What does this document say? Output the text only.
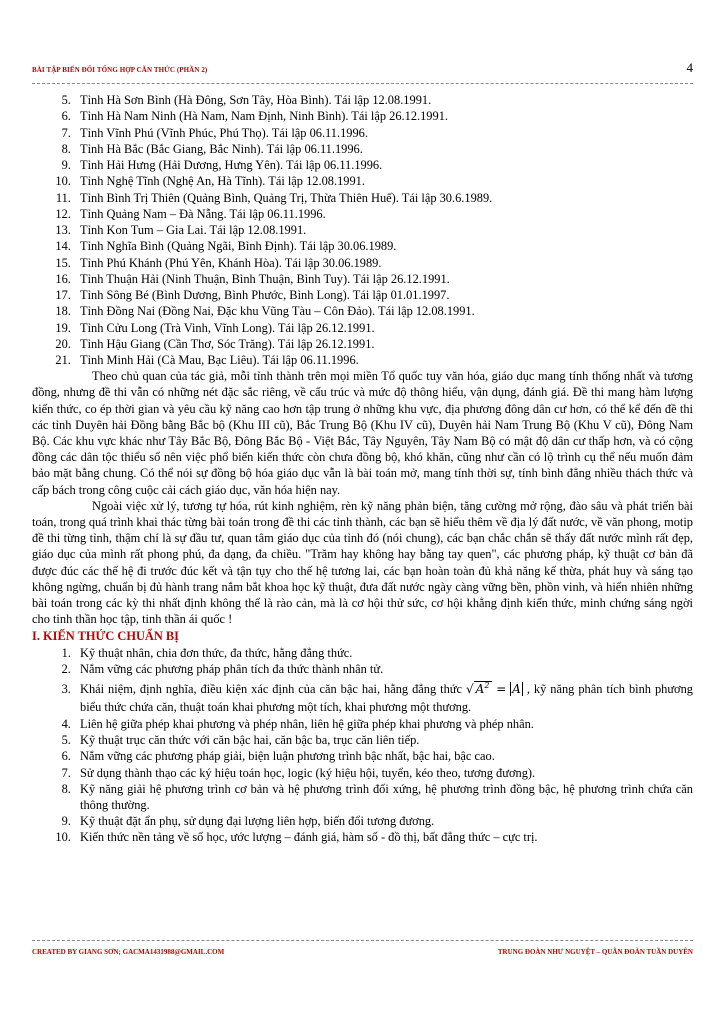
BÀI TẬP BIẾN ĐỔI TỔNG HỢP CĂN THỨC (PHẦN 2)	4
5. Tỉnh Hà Sơn Bình (Hà Đông, Sơn Tây, Hòa Bình). Tái lập 12.08.1991.
6. Tỉnh Hà Nam Ninh (Hà Nam, Nam Định, Ninh Bình). Tái lập 26.12.1991.
7. Tỉnh Vĩnh Phú (Vĩnh Phúc, Phú Thọ). Tái lập 06.11.1996.
8. Tỉnh Hà Bắc (Bắc Giang, Bắc Ninh). Tái lập 06.11.1996.
9. Tỉnh Hải Hưng (Hải Dương, Hưng Yên). Tái lập 06.11.1996.
10. Tỉnh Nghệ Tĩnh (Nghệ An, Hà Tĩnh). Tái lập 12.08.1991.
11. Tỉnh Bình Trị Thiên (Quảng Bình, Quảng Trị, Thừa Thiên Huế). Tái lập 30.6.1989.
12. Tỉnh Quảng Nam – Đà Nẵng. Tái lập 06.11.1996.
13. Tỉnh Kon Tum – Gia Lai. Tái lập 12.08.1991.
14. Tỉnh Nghĩa Bình (Quảng Ngãi, Bình Định). Tái lập 30.06.1989.
15. Tỉnh Phú Khánh (Phú Yên, Khánh Hòa). Tái lập 30.06.1989.
16. Tỉnh Thuận Hải (Ninh Thuận, Bình Thuận, Bình Tuy). Tái lập 26.12.1991.
17. Tỉnh Sông Bé (Bình Dương, Bình Phước, Bình Long). Tái lập 01.01.1997.
18. Tỉnh Đồng Nai (Đồng Nai, Đặc khu Vũng Tàu – Côn Đảo). Tái lập 12.08.1991.
19. Tỉnh Cửu Long (Trà Vinh, Vĩnh Long). Tái lập 26.12.1991.
20. Tỉnh Hậu Giang (Cần Thơ, Sóc Trăng). Tái lập 26.12.1991.
21. Tỉnh Minh Hải (Cà Mau, Bạc Liêu). Tái lập 06.11.1996.

Theo chủ quan của tác giả, mỗi tỉnh thành trên mọi miền Tổ quốc tuy văn hóa, giáo dục mang tính thống nhất và tương đồng, nhưng đề thi vẫn có những nét đặc sắc riêng, về cấu trúc và mức độ thông hiểu, vận dụng, đánh giá. Đề thi mang hàm lượng kiến thức, co ép thời gian và yêu cầu kỹ năng cao hơn tập trung ở những khu vực, địa phương đông dân cư hơn, có thể kể đến đề thi các tỉnh Duyên hải Đồng bằng Bắc bộ (Khu III cũ), Bắc Trung Bộ (Khu IV cũ), Duyên hải Nam Trung Bộ (Khu V cũ), Đông Nam Bộ. Các khu vực khác như Tây Bắc Bộ, Đông Bắc Bộ - Việt Bắc, Tây Nguyên, Tây Nam Bộ có mật độ dân cư thấp hơn, và có cộng đồng các dân tộc thiểu số nên việc phổ biến kiến thức còn chưa đồng bộ, khó khăn, cũng như cần có lộ trình cụ thể nếu muốn đảm bảo mặt bằng chung. Có thể nói sự đồng bộ hóa giáo dục vẫn là bài toán mở, mang tính thời sự, tính bình đẳng nhiều thách thức và cấp bách trong công cuộc cải cách giáo dục, văn hóa hiện nay.

Ngoài việc xử lý, tương tự hóa, rút kinh nghiệm, rèn kỹ năng phản biện, tăng cường mở rộng, đào sâu và phát triển bài toán, trong quá trình khai thác từng bài toán trong đề thi các tỉnh thành, các bạn sẽ hiểu thêm về địa lý đất nước, về văn phong, motip đề thi từng tỉnh, thậm chí là sự đầu tư, quan tâm giáo dục của tỉnh đó (nói chung), các bạn chắc chắn sẽ thấy đất nước mình rất đẹp, giáo dục của mình rất phong phú, đa dạng, đa chiều. "Trăm hay không hay bằng tay quen", các phương pháp, kỹ thuật cơ bản đã được đúc các thế hệ đi trước đúc kết và tận tụy cho thế hệ tương lai, các bạn hoàn toàn đủ khả năng kế thừa, phát huy và sáng tạo không ngừng, chuẩn bị đủ hành trang nắm bắt khoa học kỹ thuật, đưa đất nước ngày càng vững bền, phồn vinh, và hiển nhiên những bài toán trong các kỳ thi nhất định không thể là rào cản, mà là cơ hội thử sức, cơ hội khẳng định kiến thức, minh chứng sáng ngời cho tinh thần học tập, tinh thần ái quốc !

I. KIẾN THỨC CHUẨN BỊ
1. Kỹ thuật nhân, chia đơn thức, đa thức, hằng đẳng thức.
2. Nắm vững các phương pháp phân tích đa thức thành nhân tử.
3. Khái niệm, định nghĩa, điều kiện xác định của căn bậc hai, hằng đẳng thức √ $A^2 = A$ , kỹ năng phân tích bình phương biểu thức chứa căn, thuật toán khai phương một tích, khai phương một thương.
4. Liên hệ giữa phép khai phương và phép nhân, liên hệ giữa phép khai phương và phép nhân.
5. Kỹ thuật trục căn thức với căn bậc hai, căn bậc ba, trục căn liên tiếp.
6. Nắm vững các phương pháp giải, biện luận phương trình bậc nhất, bậc hai, bậc cao.
7. Sử dụng thành thạo các ký hiệu toán học, logic (ký hiệu hội, tuyển, kéo theo, tương đương).
8. Kỹ năng giải hệ phương trình cơ bản và hệ phương trình đối xứng, hệ phương trình đồng bậc, hệ phương trình chứa căn thông thường.
9. Kỹ thuật đặt ẩn phụ, sử dụng đại lượng liên hợp, biến đổi tương đương.
10. Kiến thức nền tảng về số học, ước lượng – đánh giá, hàm số - đồ thị, bất đẳng thức – cực trị.
CREATED BY GIANG SƠN; GACMA1431988@GMAIL.COM	TRUNG ĐOÀN NHƯ NGUYỆT – QUÂN ĐOÀN TUẦN DUYÊN
